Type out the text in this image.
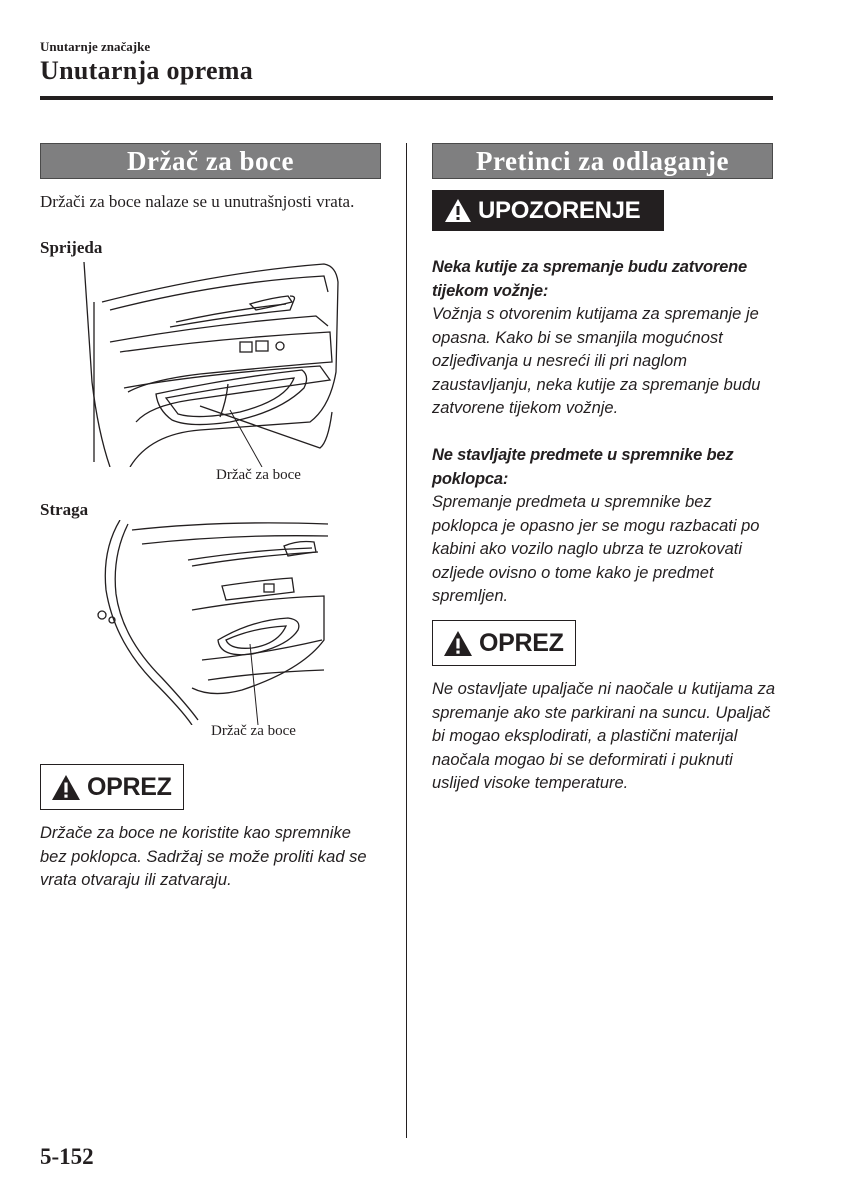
Unutarnje značajke
Unutarnja oprema
Držač za boce
Držači za boce nalaze se u unutrašnjosti vrata.
Sprijeda
Držač za boce
Straga
Držač za boce
OPREZ
Držače za boce ne koristite kao spremnike bez poklopca. Sadržaj se može proliti kad se vrata otvaraju ili zatvaraju.
Pretinci za odlaganje
UPOZORENJE
Neka kutije za spremanje budu zatvorene tijekom vožnje:
Vožnja s otvorenim kutijama za spremanje je opasna. Kako bi se smanjila mogućnost ozljeđivanja u nesreći ili pri naglom zaustavljanju, neka kutije za spremanje budu zatvorene tijekom vožnje.
Ne stavljajte predmete u spremnike bez poklopca:
Spremanje predmeta u spremnike bez poklopca je opasno jer se mogu razbacati po kabini ako vozilo naglo ubrza te uzrokovati ozljede ovisno o tome kako je predmet spremljen.
OPREZ
Ne ostavljate upaljače ni naočale u kutijama za spremanje ako ste parkirani na suncu. Upaljač bi mogao eksplodirati, a plastični materijal naočala mogao bi se deformirati i puknuti uslijed visoke temperature.
5-152
